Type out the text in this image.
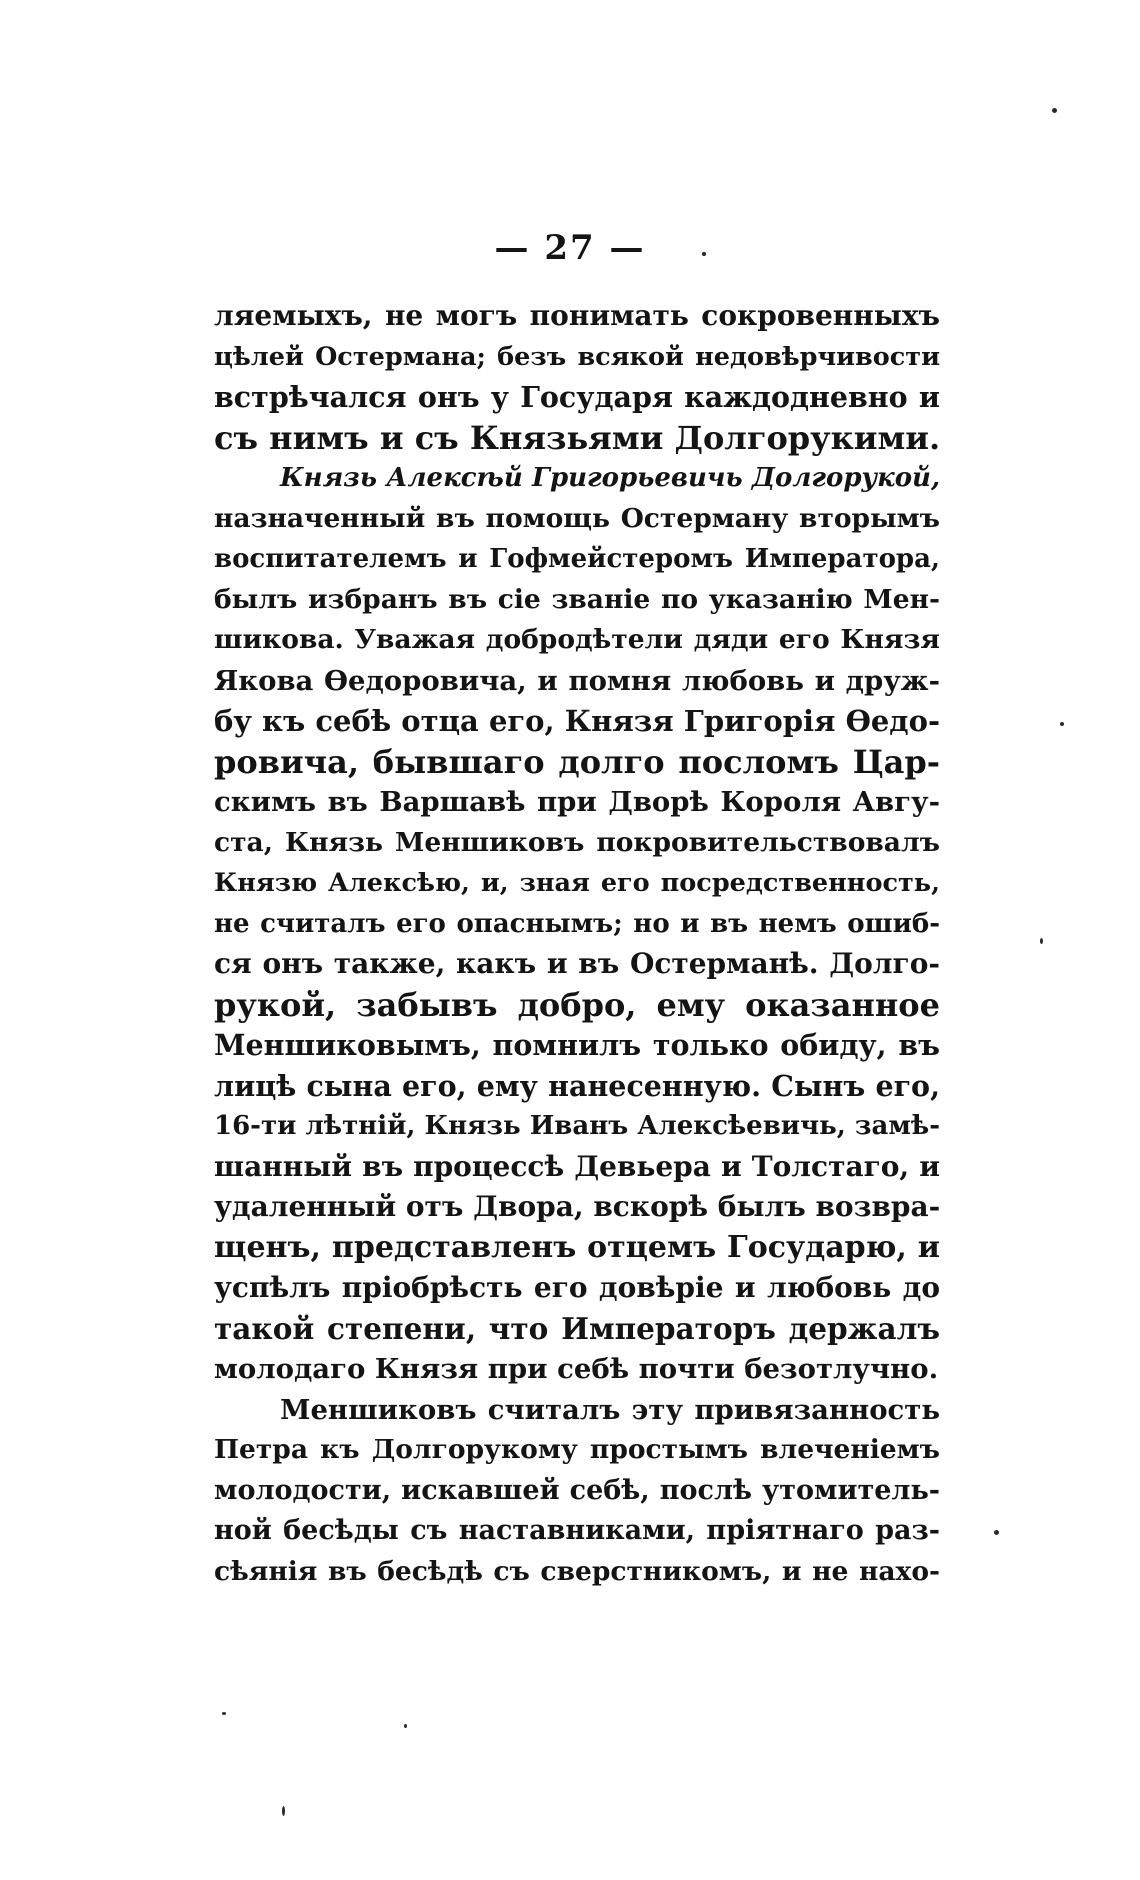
— 27 —
ляемыхъ, не могъ понимать сокровенныхъ
цѣлей Остермана; безъ всякой недовѣрчивости
встрѣчался онъ у Государя каждодневно и
съ нимъ и съ Князьями Долгорукими.
Князь Алексѣй Григорьевичь Долгорукой,
назначенный въ помощь Остерману вторымъ
воспитателемъ и Гофмейстеромъ Императора,
былъ избранъ въ сіе званіе по указанію Мен-
шикова. Уважая добродѣтели дяди его Князя
Якова Ѳедоровича, и помня любовь и друж-
бу къ себѣ отца его, Князя Григорія Ѳедо-
ровича, бывшаго долго посломъ Цар-
скимъ въ Варшавѣ при Дворѣ Короля Авгу-
ста, Князь Меншиковъ покровительствовалъ
Князю Алексѣю, и, зная его посредственность,
не считалъ его опаснымъ; но и въ немъ ошиб-
ся онъ также, какъ и въ Остерманѣ. Долго-
рукой, забывъ добро, ему оказанное
Меншиковымъ, помнилъ только обиду, въ
лицѣ сына его, ему нанесенную. Сынъ его,
16-ти лѣтній, Князь Иванъ Алексѣевичь, замѣ-
шанный въ процессѣ Девьера и Толстаго, и
удаленный отъ Двора, вскорѣ былъ возвра-
щенъ, представленъ отцемъ Государю, и
успѣлъ пріобрѣсть его довѣріе и любовь до
такой степени, что Императоръ держалъ
молодаго Князя при себѣ почти безотлучно.
Меншиковъ считалъ эту привязанность
Петра къ Долгорукому простымъ влеченіемъ
молодости, искавшей себѣ, послѣ утомитель-
ной бесѣды съ наставниками, пріятнаго раз-
сѣянія въ бесѣдѣ съ сверстникомъ, и не нахо-
